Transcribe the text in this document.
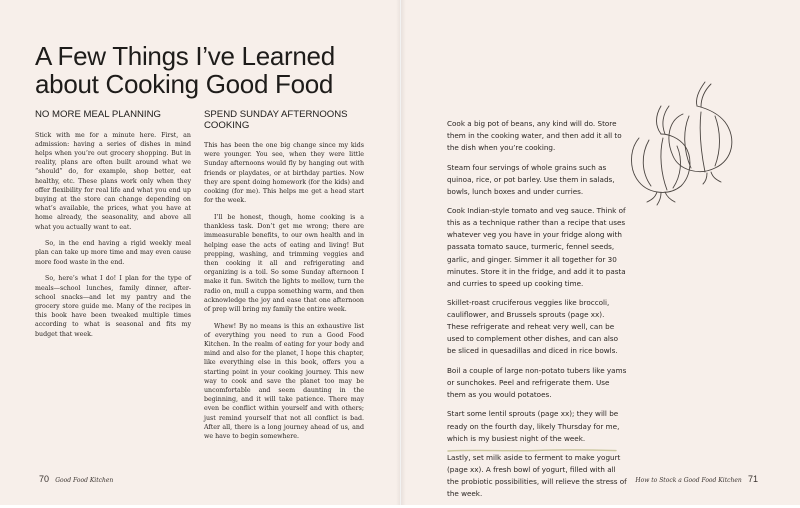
A Few Things I’ve Learned about Cooking Good Food
NO MORE MEAL PLANNING

Stick with me for a minute here. First, an admission: having a series of dishes in mind helps when you’re out grocery shopping. But in reality, plans are often built around what we “should” do, for example, shop better, eat healthy, etc. These plans work only when they offer flexibility for real life and what you end up buying at the store can change depending on what’s available, the prices, what you have at home already, the seasonality, and above all what you actually want to eat.

So, in the end having a rigid weekly meal plan can take up more time and may even cause more food waste in the end.

So, here’s what I do! I plan for the type of meals—school lunches, family dinner, after-school snacks—and let my pantry and the grocery store guide me. Many of the recipes in this book have been tweaked multiple times according to what is seasonal and fits my budget that week.

SPEND SUNDAY AFTERNOONS COOKING

This has been the one big change since my kids were younger. You see, when they were little Sunday afternoons would fly by hanging out with friends or playdates, or at birthday parties. Now they are spent doing homework (for the kids) and cooking (for me). This helps me get a head start for the week.

I’ll be honest, though, home cooking is a thankless task. Don’t get me wrong; there are immeasurable benefits, to our own health and in helping ease the acts of eating and living! But prepping, washing, and trimming veggies and then cooking it all and refrigerating and organizing is a toil. So some Sunday afternoon I make it fun. Switch the lights to mellow, turn the radio on, mull a cuppa something warm, and then acknowledge the joy and ease that one afternoon of prep will bring my family the entire week.

Whew! By no means is this an exhaustive list of everything you need to run a Good Food Kitchen. In the realm of eating for your body and mind and also for the planet, I hope this chapter, like everything else in this book, offers you a starting point in your cooking journey. This new way to cook and save the planet too may be uncomfortable and seem daunting in the beginning, and it will take patience. There may even be conflict within yourself and with others; just remind yourself that not all conflict is bad. After all, there is a long journey ahead of us, and we have to begin somewhere.

70 Good Food Kitchen	How to Stock a Good Food Kitchen 71

Cook a big pot of beans, any kind will do. Store them in the cooking water, and then add it all to the dish when you’re cooking.

Steam four servings of whole grains such as quinoa, rice, or pot barley. Use them in salads, bowls, lunch boxes and under curries.

Cook Indian-style tomato and veg sauce. Think of this as a technique rather than a recipe that uses whatever veg you have in your fridge along with passata tomato sauce, turmeric, fennel seeds, garlic, and ginger. Simmer it all together for 30 minutes. Store it in the fridge, and add it to pasta and curries to speed up cooking time.

Skillet-roast cruciferous veggies like broccoli, cauliflower, and Brussels sprouts (page xx). These refrigerate and reheat very well, can be used to complement other dishes, and can also be sliced in quesadillas and diced in rice bowls.

Boil a couple of large non-potato tubers like yams or sunchokes. Peel and refrigerate them. Use them as you would potatoes.

Start some lentil sprouts (page xx); they will be ready on the fourth day, likely Thursday for me, which is my busiest night of the week.

Lastly, set milk aside to ferment to make yogurt (page xx). A fresh bowl of yogurt, filled with all the probiotic possibilities, will relieve the stress of the week.
